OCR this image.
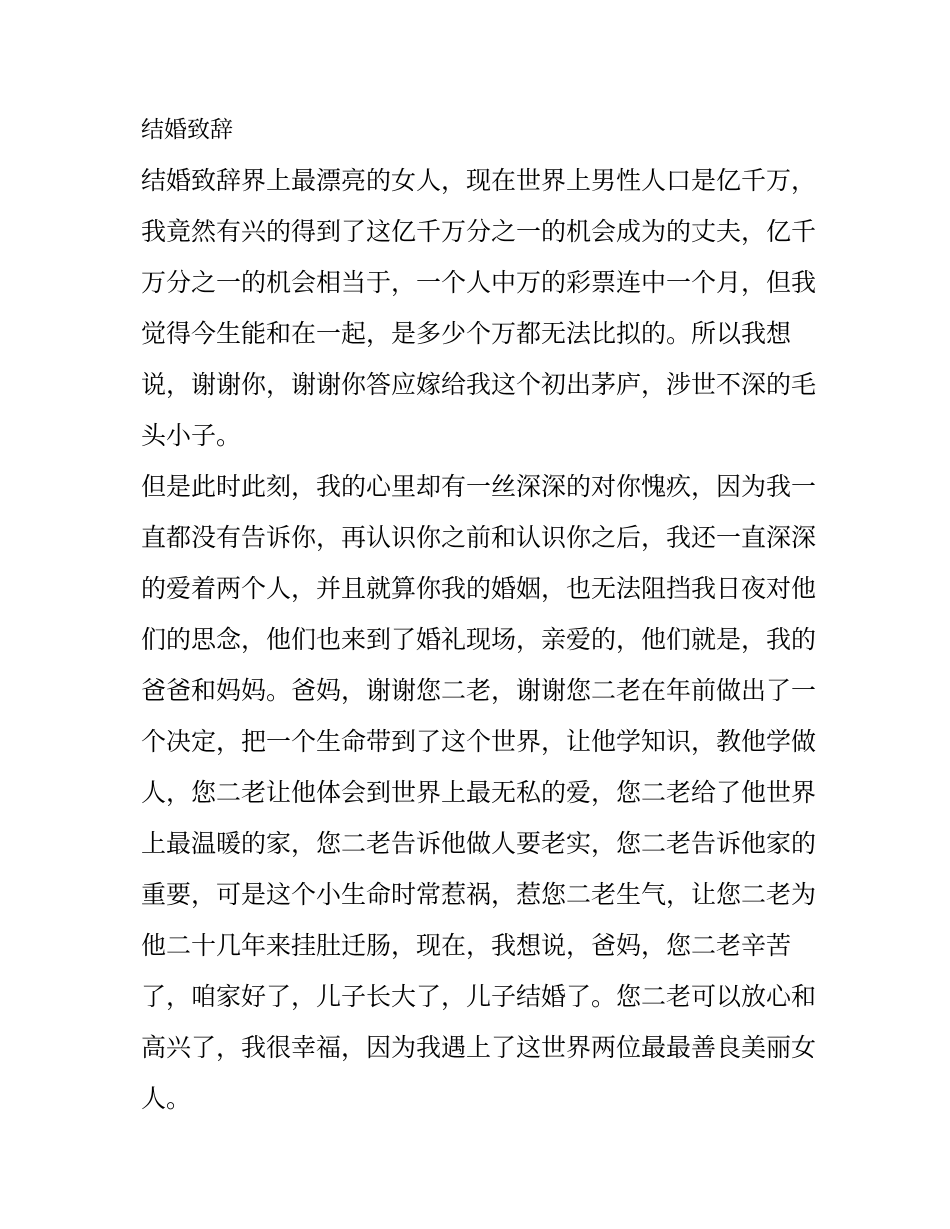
结婚致辞
结婚致辞界上最漂亮的女人，现在世界上男性人口是亿千万，
我竟然有兴的得到了这亿千万分之一的机会成为的丈夫，亿千
万分之一的机会相当于，一个人中万的彩票连中一个月，但我
觉得今生能和在一起，是多少个万都无法比拟的。所以我想
说，谢谢你，谢谢你答应嫁给我这个初出茅庐，涉世不深的毛
头小子。
但是此时此刻，我的心里却有一丝深深的对你愧疚，因为我一
直都没有告诉你，再认识你之前和认识你之后，我还一直深深
的爱着两个人，并且就算你我的婚姻，也无法阻挡我日夜对他
们的思念，他们也来到了婚礼现场，亲爱的，他们就是，我的
爸爸和妈妈。爸妈，谢谢您二老，谢谢您二老在年前做出了一
个决定，把一个生命带到了这个世界，让他学知识，教他学做
人，您二老让他体会到世界上最无私的爱，您二老给了他世界
上最温暖的家，您二老告诉他做人要老实，您二老告诉他家的
重要，可是这个小生命时常惹祸，惹您二老生气，让您二老为
他二十几年来挂肚迁肠，现在，我想说，爸妈，您二老辛苦
了，咱家好了，儿子长大了，儿子结婚了。您二老可以放心和
高兴了，我很幸福，因为我遇上了这世界两位最最善良美丽女
人。
